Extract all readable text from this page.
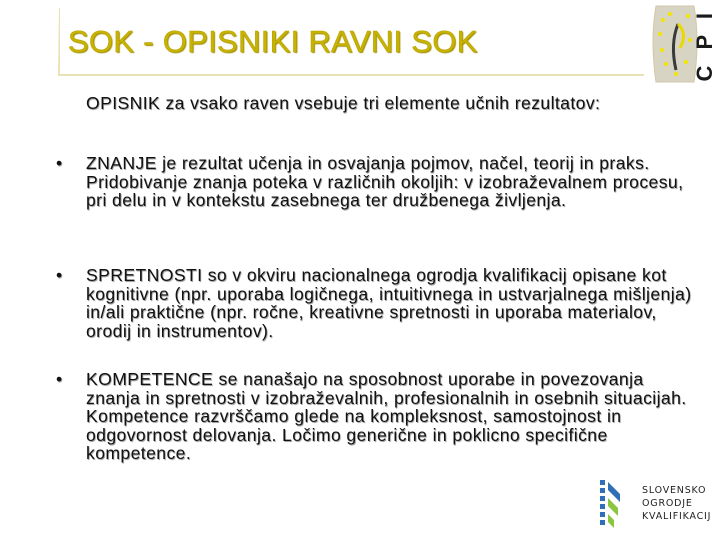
SOK - OPISNIKI RAVNI SOK	C P I
OPISNIK za vsako raven vsebuje tri elemente učnih rezultatov:
• ZNANJE je rezultat učenja in osvajanja pojmov, načel, teorij in praks. Pridobivanje znanja poteka v različnih okoljih: v izobraževalnem procesu, pri delu in v kontekstu zasebnega ter družbenega življenja.
• SPRETNOSTI so v okviru nacionalnega ogrodja kvalifikacij opisane kot kognitivne (npr. uporaba logičnega, intuitivnega in ustvarjalnega mišljenja) in/ali praktične (npr. ročne, kreativne spretnosti in uporaba materialov, orodij in instrumentov).
• KOMPETENCE se nanašajo na sposobnost uporabe in povezovanja znanja in spretnosti v izobraževalnih, profesionalnih in osebnih situacijah. Kompetence razvrščamo glede na kompleksnost, samostojnost in odgovornost delovanja. Ločimo generične in poklicno specifične kompetence.
SLOVENSKO
OGRODJE
KVALIFIKACIJ
